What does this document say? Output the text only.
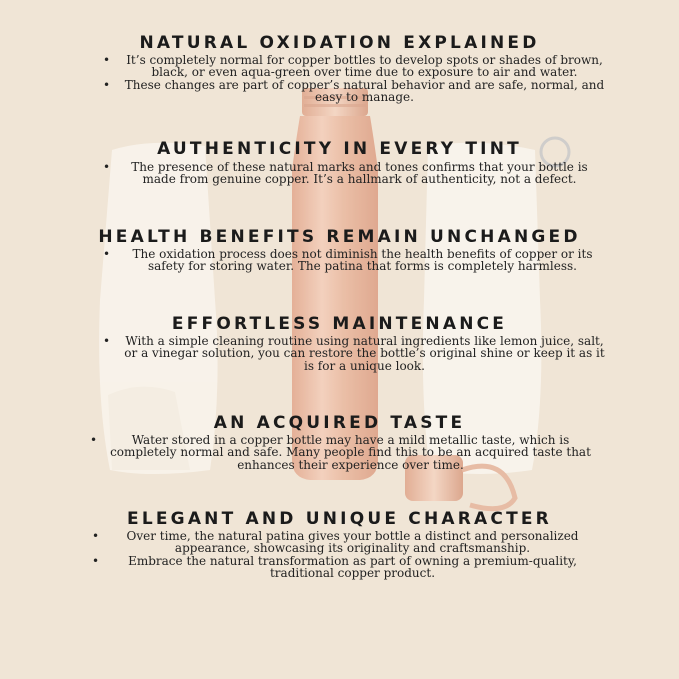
NATURAL OXIDATION EXPLAINED
• It’s completely normal for copper bottles to develop spots or shades of brown, black, or even aqua-green over time due to exposure to air and water.
• These changes are part of copper’s natural behavior and are safe, normal, and easy to manage.
AUTHENTICITY IN EVERY TINT
• The presence of these natural marks and tones confirms that your bottle is made from genuine copper. It’s a hallmark of authenticity, not a defect.
HEALTH BENEFITS REMAIN UNCHANGED
• The oxidation process does not diminish the health benefits of copper or its safety for storing water. The patina that forms is completely harmless.
EFFORTLESS MAINTENANCE
• With a simple cleaning routine using natural ingredients like lemon juice, salt, or a vinegar solution, you can restore the bottle’s original shine or keep it as it is for a unique look.
AN ACQUIRED TASTE
•	Water stored in a copper bottle may have a mild metallic taste, which is completely normal and safe. Many people find this to be an acquired taste that enhances their experience over time.
ELEGANT AND UNIQUE CHARACTER
• Over time, the natural patina gives your bottle a distinct and personalized appearance, showcasing its originality and craftsmanship.
• Embrace the natural transformation as part of owning a premium-quality, traditional copper product.
